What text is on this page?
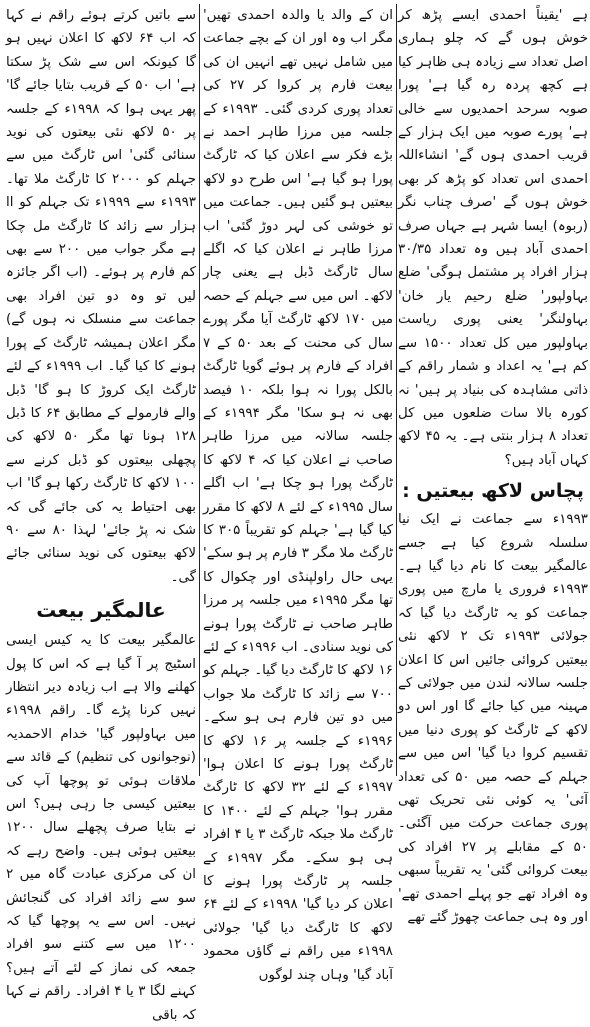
ہے 'یقیناً احمدی ایسے پڑھ کر خوش ہوں گے کہ چلو ہماری اصل تعداد سے زیادہ ہی ظاہر کیا ہے کچھ پردہ رہ گیا ہے' پورا صوبہ سرحد احمدیوں سے خالی ہے' پورے صوبہ میں ایک ہزار کے قریب احمدی ہوں گے' انشاءاللہ احمدی اس تعداد کو پڑھ کر بھی خوش ہوں گے 'صرف چناب نگر (ربوہ) ایسا شہر ہے جہاں صرف احمدی آباد ہیں وہ تعداد ۳۰/۳۵ ہزار افراد پر مشتمل ہوگی' ضلع بہاولپور' ضلع رحیم یار خان' بہاولنگر' یعنی پوری ریاست بہاولپور میں کل تعداد ۱۵۰۰ سے کم ہے' یہ اعداد و شمار راقم کے ذاتی مشاہدہ کی بنیاد پر ہیں' نہ کورہ بالا سات ضلعوں میں کل تعداد ۸ ہزار بنتی ہے۔ یہ ۴۵ لاکھ کہاں آباد ہیں؟

پچاس لاکھ بیعتیں :

۱۹۹۳ء سے جماعت نے ایک نیا سلسلہ شروع کیا ہے جسے عالمگیر بیعت کا نام دیا گیا ہے۔ ۱۹۹۳ء فروری یا مارچ میں پوری جماعت کو یہ ٹارگٹ دیا گیا کہ جولائی ۱۹۹۳ء تک ۲ لاکھ نئی بیعتیں کروائی جائیں اس کا اعلان جلسہ سالانہ لندن میں جولائی کے مہینہ میں کیا جائے گا اور اس دو لاکھ کے ٹارگٹ کو پوری دنیا میں تقسیم کروا دیا گیا' اس میں سے جہلم کے حصہ میں ۵۰ کی تعداد آئی' یہ کوئی نئی تحریک تھی پوری جماعت حرکت میں آگئی۔ ۵۰ کے مقابلے پر ۲۷ افراد کی بیعت کروائی گئی' یہ تقریباً سبھی وہ افراد تھے جو پہلے احمدی تھے' اور وہ ہی جماعت چھوڑ گئے تھے

ان کے والد یا والدہ احمدی تھیں' مگر اب وہ اور ان کے بچے جماعت میں شامل نہیں تھے انہیں ان کی بیعت فارم پر کروا کر ۲۷ کی تعداد پوری کردی گئی۔ ۱۹۹۳ء کے جلسہ میں مرزا طاہر احمد نے بڑے فکر سے اعلان کیا کہ ٹارگٹ پورا ہو گیا ہے' اس طرح دو لاکھ بیعتیں ہو گئیں ہیں۔ جماعت میں تو خوشی کی لہر دوڑ گئی' اب مرزا طاہر نے اعلان کیا کہ اگلے سال ٹارگٹ ڈبل ہے یعنی چار لاکھ۔ اس میں سے جہلم کے حصہ میں ۱۷۰ لاکھ ٹارگٹ آیا مگر پورے سال کی محنت کے بعد ۵۰ کے ۷ افراد کے فارم پر ہوئے گویا ٹارگٹ بالکل پورا نہ ہوا بلکہ ۱۰ فیصد بھی نہ ہو سکا' مگر ۱۹۹۴ء کے جلسہ سالانہ میں مرزا طاہر صاحب نے اعلان کیا کہ ۴ لاکھ کا ٹارگٹ پورا ہو چکا ہے' اب اگلے سال ۱۹۹۵ء کے لئے ۸ لاکھ کا مقرر کیا گیا ہے' جہلم کو تقریباً ۳۰۵ کا ٹارگٹ ملا مگر ۳ فارم پر ہو سکے' یہی حال راولپنڈی اور چکوال کا تھا مگر ۱۹۹۵ء میں جلسہ پر مرزا طاہر صاحب نے ٹارگٹ پورا ہونے کی نوید سنادی۔ اب ۱۹۹۶ء کے لئے ۱۶ لاکھ کا ٹارگٹ دیا گیا۔ جہلم کو ۷۰۰ سے زائد کا ٹارگٹ ملا جواب میں دو تین فارم ہی ہو سکے۔ ۱۹۹۶ء کے جلسہ پر ۱۶ لاکھ کا ٹارگٹ پورا ہونے کا اعلان ہوا' ۱۹۹۷ء کے لئے ۳۲ لاکھ کا ٹارگٹ مقرر ہوا' جہلم کے لئے ۱۴۰۰ کا ٹارگٹ ملا جبکہ ٹارگٹ ۳ یا ۴ افراد ہی ہو سکے۔ مگر ۱۹۹۷ء کے جلسہ پر ٹارگٹ پورا ہونے کا اعلان کر دیا گیا' ۱۹۹۸ء کے لئے ۶۴ لاکھ کا ٹارگٹ دیا گیا' جولائی ۱۹۹۸ء میں راقم نے گاؤں محمود آباد گیا' وہاں چند لوگوں

سے باتیں کرتے ہوئے راقم نے کہا کہ اب ۶۴ لاکھ کا اعلان نہیں ہو گا کیونکہ اس سے شک پڑ سکتا ہے' اب ۵۰ کے قریب بتایا جائے گا' پھر یہی ہوا کہ ۱۹۹۸ء کے جلسہ پر ۵۰ لاکھ نئی بیعتوں کی نوید سنائی گئی' اس ٹارگٹ میں سے جہلم کو ۲۰۰۰ کا ٹارگٹ ملا تھا۔ ۱۹۹۳ء سے ۱۹۹۹ء تک جہلم کو اا ہزار سے زائد کا ٹارگٹ مل چکا ہے مگر جواب میں ۲۰۰ سے بھی کم فارم پر ہوئے۔ (اب اگر جائزہ لیں تو وہ دو تین افراد بھی جماعت سے منسلک نہ ہوں گے) مگر اعلان ہمیشہ ٹارگٹ کے پورا ہونے کا کیا گیا۔ اب ۱۹۹۹ء کے لئے ٹارگٹ ایک کروڑ کا ہو گا' ڈبل والے فارمولے کے مطابق ۶۴ کا ڈبل ۱۲۸ ہونا تھا مگر ۵۰ لاکھ کی پچھلی بیعتوں کو ڈبل کرنے سے ۱۰۰ لاکھ کا ٹارگٹ رکھا ہو گا' اب بھی احتیاط یہ کی جائے گی کہ شک نہ پڑ جائے' لہذا ۸۰ سے ۹۰ لاکھ بیعتوں کی نوید سنائی جائے گی۔

عالمگیر بیعت

عالمگیر بیعت کا یہ کیس ایسی اسٹیج پر آ گیا ہے کہ اس کا پول کھلنے والا ہے اب زیادہ دیر انتظار نہیں کرنا پڑے گا۔ راقم ۱۹۹۸ء میں بہاولپور گیا' خدام الاحمدیہ (نوجوانوں کی تنظیم) کے قائد سے ملاقات ہوئی تو پوچھا آپ کی بیعتیں کیسی جا رہی ہیں؟ اس نے بتایا صرف پچھلے سال ۱۲۰۰ بیعتیں ہوئی ہیں۔ واضح رہے کہ ان کی مرکزی عبادت گاہ میں ۲ سو سے زائد افراد کی گنجائش نہیں۔ اس سے یہ پوچھا گیا کہ ۱۲۰۰ میں سے کتنے سو افراد جمعہ کی نماز کے لئے آتے ہیں؟ کہنے لگا ۳ یا ۴ افراد۔ راقم نے کہا کہ باقی
